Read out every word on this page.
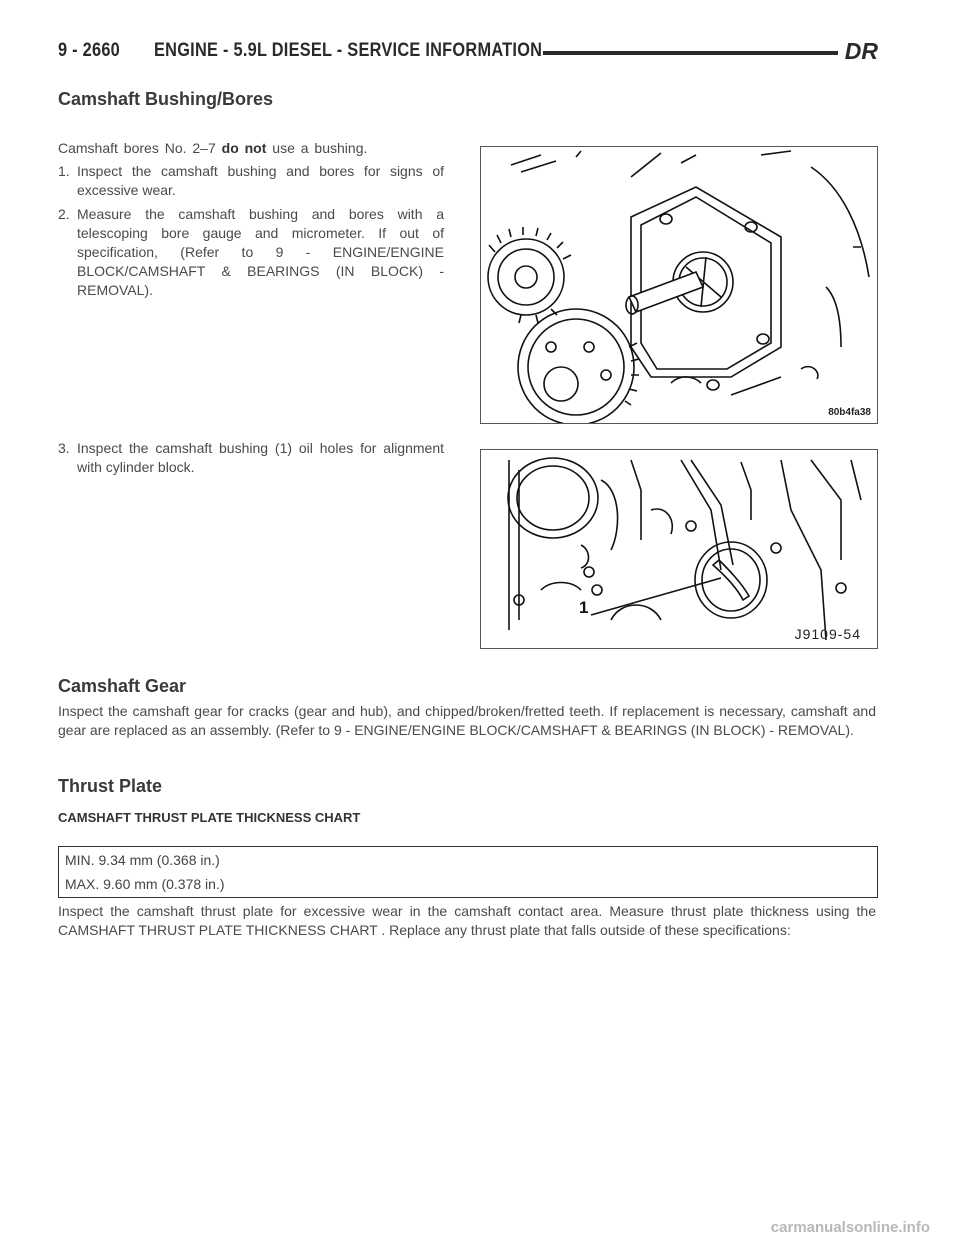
9 - 2660 ENGINE - 5.9L DIESEL - SERVICE INFORMATION	DR
Camshaft Bushing/Bores

Camshaft bores No. 2–7 do not use a bushing.

1. Inspect the camshaft bushing and bores for signs of excessive wear.
2. Measure the camshaft bushing and bores with a telescoping bore gauge and micrometer. If out of specification, (Refer to 9 - ENGINE/ENGINE BLOCK/CAMSHAFT & BEARINGS (IN BLOCK) - REMOVAL).
3. Inspect the camshaft bushing (1) oil holes for alignment with cylinder block.
80b4fa38
1
J9109-54
Camshaft Gear

Inspect the camshaft gear for cracks (gear and hub), and chipped/broken/fretted teeth. If replacement is necessary, camshaft and gear are replaced as an assembly. (Refer to 9 - ENGINE/ENGINE BLOCK/CAMSHAFT & BEARINGS (IN BLOCK) - REMOVAL).

Thrust Plate

CAMSHAFT THRUST PLATE THICKNESS CHART

MIN. 9.34 mm (0.368 in.)
MAX. 9.60 mm (0.378 in.)

Inspect the camshaft thrust plate for excessive wear in the camshaft contact area. Measure thrust plate thickness using the CAMSHAFT THRUST PLATE THICKNESS CHART . Replace any thrust plate that falls outside of these specifications:

carmanualsonline.info
